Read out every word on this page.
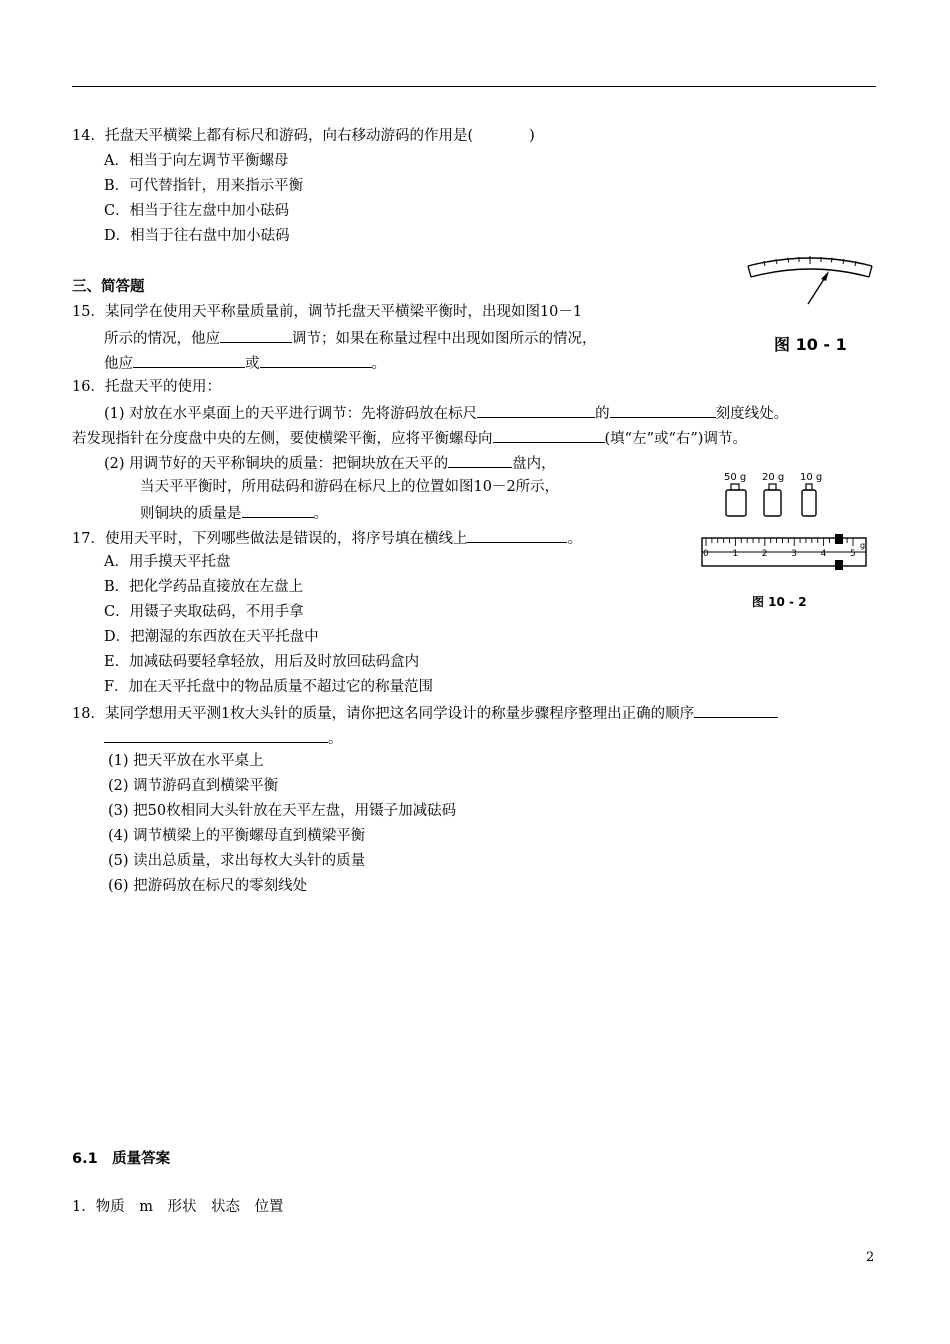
14．托盘天平横梁上都有标尺和游码，向右移动游码的作用是(	)
A．相当于向左调节平衡螺母
B．可代替指针，用来指示平衡
C．相当于往左盘中加小砝码
D．相当于往右盘中加小砝码
三、简答题
15．某同学在使用天平称量质量前，调节托盘天平横梁平衡时，出现如图10－1
所示的情况，他应	调节；如果在称量过程中出现如图所示的情况，
他应	或	。
图 10 - 1
16．托盘天平的使用：
(1) 对放在水平桌面上的天平进行调节：先将游码放在标尺	的	刻度线处。
若发现指针在分度盘中央的左侧，要使横梁平衡，应将平衡螺母向	(填“左”或“右”)调节。
(2) 用调节好的天平称铜块的质量：把铜块放在天平的	盘内，
当天平平衡时，所用砝码和游码在标尺上的位置如图10－2所示，
则铜块的质量是	。
50 g 20 g 10 g
0	1	2	3	4	5
g
图 10 - 2
17．使用天平时，下列哪些做法是错误的，将序号填在横线上	。
A．用手摸天平托盘
B．把化学药品直接放在左盘上
C．用镊子夹取砝码，不用手拿
D．把潮湿的东西放在天平托盘中
E．加减砝码要轻拿轻放，用后及时放回砝码盒内
F．加在天平托盘中的物品质量不超过它的称量范围
18．某同学想用天平测1枚大头针的质量，请你把这名同学设计的称量步骤程序整理出正确的顺序
。
(1) 把天平放在水平桌上
(2) 调节游码直到横梁平衡
(3) 把50枚相同大头针放在天平左盘，用镊子加减砝码
(4) 调节横梁上的平衡螺母直到横梁平衡
(5) 读出总质量，求出每枚大头针的质量
(6) 把游码放在标尺的零刻线处
6.1　质量答案
1．物质　m　形状　状态　位置
2
